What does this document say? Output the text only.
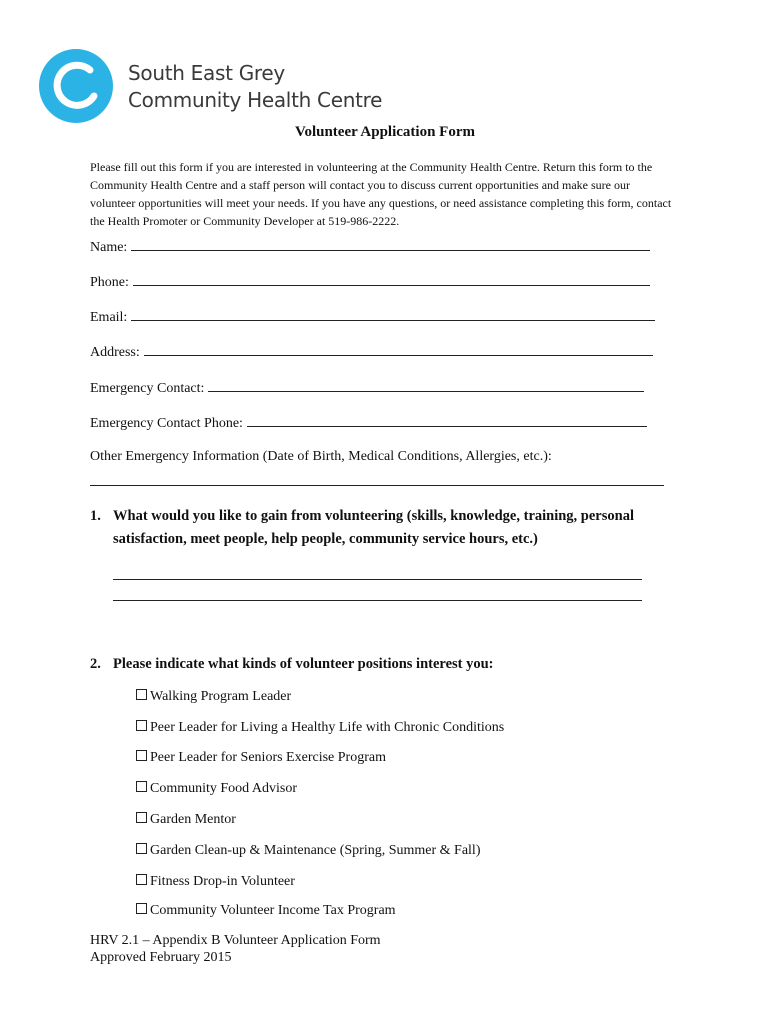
South East Grey
Community Health Centre
Volunteer Application Form
Please fill out this form if you are interested in volunteering at the Community Health Centre. Return this form to the Community Health Centre and a staff person will contact you to discuss current opportunities and make sure our volunteer opportunities will meet your needs. If you have any questions, or need assistance completing this form, contact the Health Promoter or Community Developer at 519-986-2222.
Name:
Phone:
Email:
Address:
Emergency Contact:
Emergency Contact Phone:
Other Emergency Information (Date of Birth, Medical Conditions, Allergies, etc.):
1. What would you like to gain from volunteering (skills, knowledge, training, personal
satisfaction, meet people, help people, community service hours, etc.)
2. Please indicate what kinds of volunteer positions interest you:
Walking Program Leader
Peer Leader for Living a Healthy Life with Chronic Conditions
Peer Leader for Seniors Exercise Program
Community Food Advisor
Garden Mentor
Garden Clean-up & Maintenance (Spring, Summer & Fall)
Fitness Drop-in Volunteer
Community Volunteer Income Tax Program
HRV 2.1 – Appendix B Volunteer Application Form
Approved February 2015
